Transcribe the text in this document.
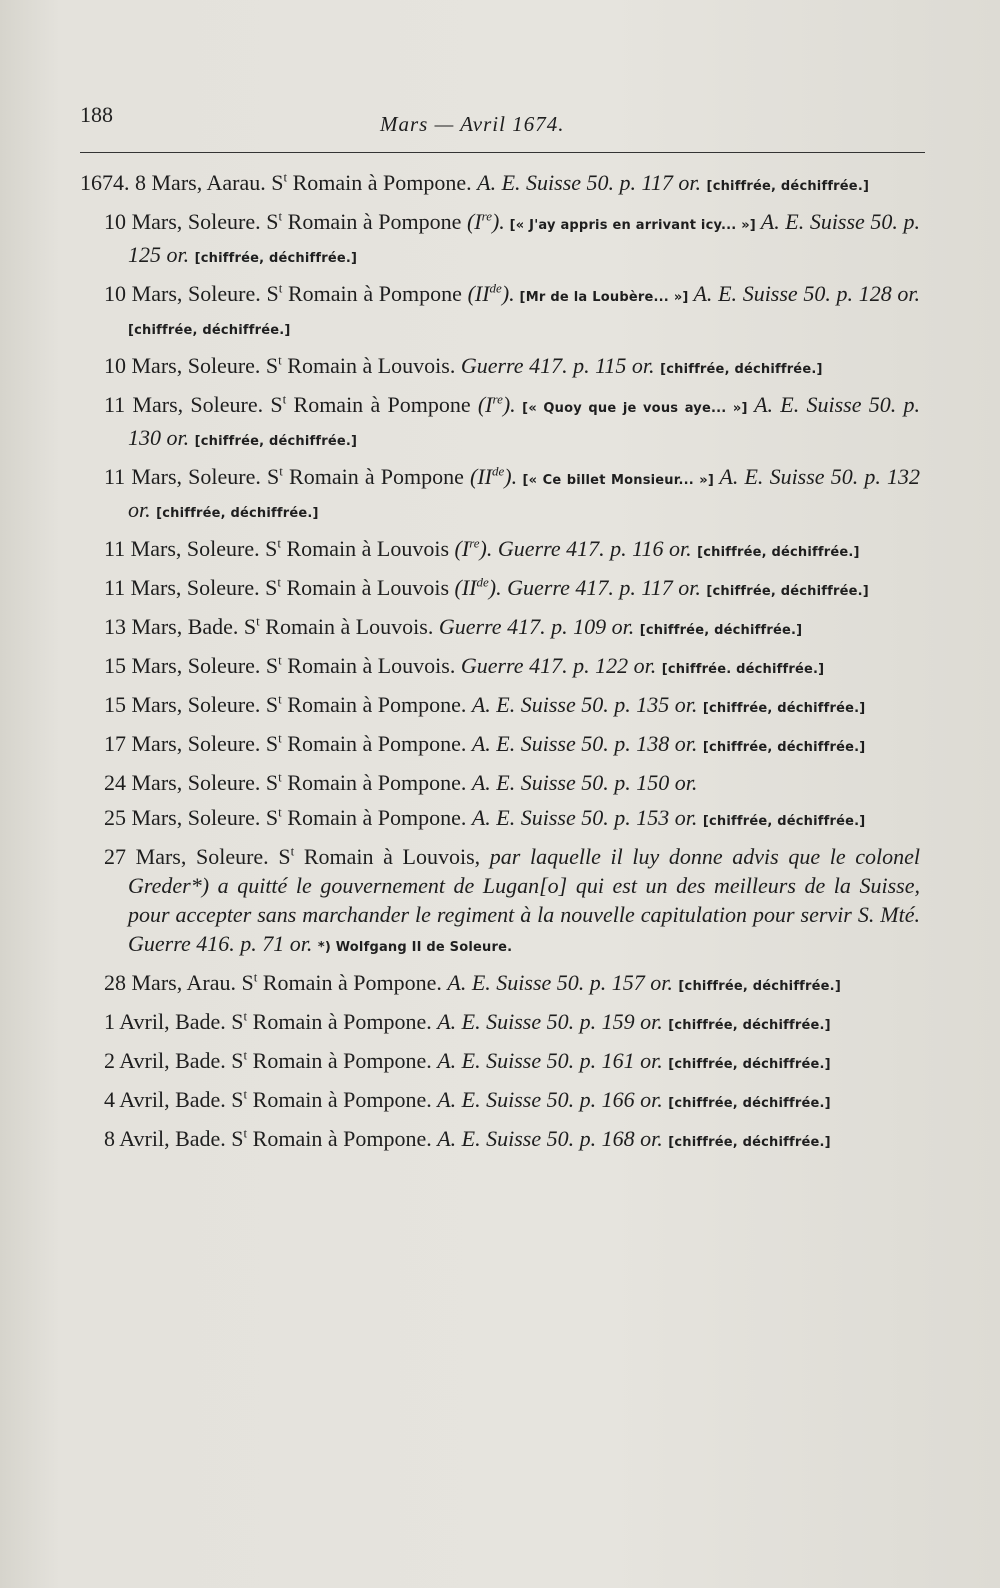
188	Mars — Avril 1674.
1674. 8 Mars, Aarau. $S^t$ Romain à Pompone. A. E. Suisse 50. p. 117 or. [chiffrée, déchiffrée.]
10 Mars, Soleure. $S^t$ Romain à Pompone (Ire). [« J'ay appris en arrivant icy... »] A. E. Suisse 50. p. 125 or. [chiffrée, déchiffrée.]
10 Mars, Soleure. $S^t$ Romain à Pompone (IIde). [Mr de la Loubère... »] A. E. Suisse 50. p. 128 or. [chiffrée, déchiffrée.]
10 Mars, Soleure. $S^t$ Romain à Louvois. Guerre 417. p. 115 or. [chiffrée, déchiffrée.]
11 Mars, Soleure. $S^t$ Romain à Pompone (Ire). [« Quoy que je vous aye... »] A. E. Suisse 50. p. 130 or. [chiffrée, déchiffrée.]
11 Mars, Soleure. $S^t$ Romain à Pompone (IIde). [« Ce billet Monsieur... »] A. E. Suisse 50. p. 132 or. [chiffrée, déchiffrée.]
11 Mars, Soleure. $S^t$ Romain à Louvois (Ire). Guerre 417. p. 116 or. [chiffrée, déchiffrée.]
11 Mars, Soleure. $S^t$ Romain à Louvois (IIde). Guerre 417. p. 117 or. [chiffrée, déchiffrée.]
13 Mars, Bade. $S^t$ Romain à Louvois. Guerre 417. p. 109 or. [chiffrée, déchiffrée.]
15 Mars, Soleure. $S^t$ Romain à Louvois. Guerre 417. p. 122 or. [chiffrée. déchiffrée.]
15 Mars, Soleure. $S^t$ Romain à Pompone. A. E. Suisse 50. p. 135 or. [chiffrée, déchiffrée.]
17 Mars, Soleure. $S^t$ Romain à Pompone. A. E. Suisse 50. p. 138 or. [chiffrée, déchiffrée.]
24 Mars, Soleure. $S^t$ Romain à Pompone. A. E. Suisse 50. p. 150 or.
25 Mars, Soleure. $S^t$ Romain à Pompone. A. E. Suisse 50. p. 153 or. [chiffrée, déchiffrée.]
27 Mars, Soleure. $S^t$ Romain à Louvois, par laquelle il luy donne advis que le colonel Greder*) a quitté le gouvernement de Lugan[o] qui est un des meilleurs de la Suisse, pour accepter sans marchander le regiment à la nouvelle capitulation pour servir S. Mté. Guerre 416. p. 71 or. *) Wolfgang II de Soleure.
28 Mars, Arau. $S^t$ Romain à Pompone. A. E. Suisse 50. p. 157 or. [chiffrée, déchiffrée.]
1 Avril, Bade. $S^t$ Romain à Pompone. A. E. Suisse 50. p. 159 or. [chiffrée, déchiffrée.]
2 Avril, Bade. $S^t$ Romain à Pompone. A. E. Suisse 50. p. 161 or. [chiffrée, déchiffrée.]
4 Avril, Bade. $S^t$ Romain à Pompone. A. E. Suisse 50. p. 166 or. [chiffrée, déchiffrée.]
8 Avril, Bade. $S^t$ Romain à Pompone. A. E. Suisse 50. p. 168 or. [chiffrée, déchiffrée.]
